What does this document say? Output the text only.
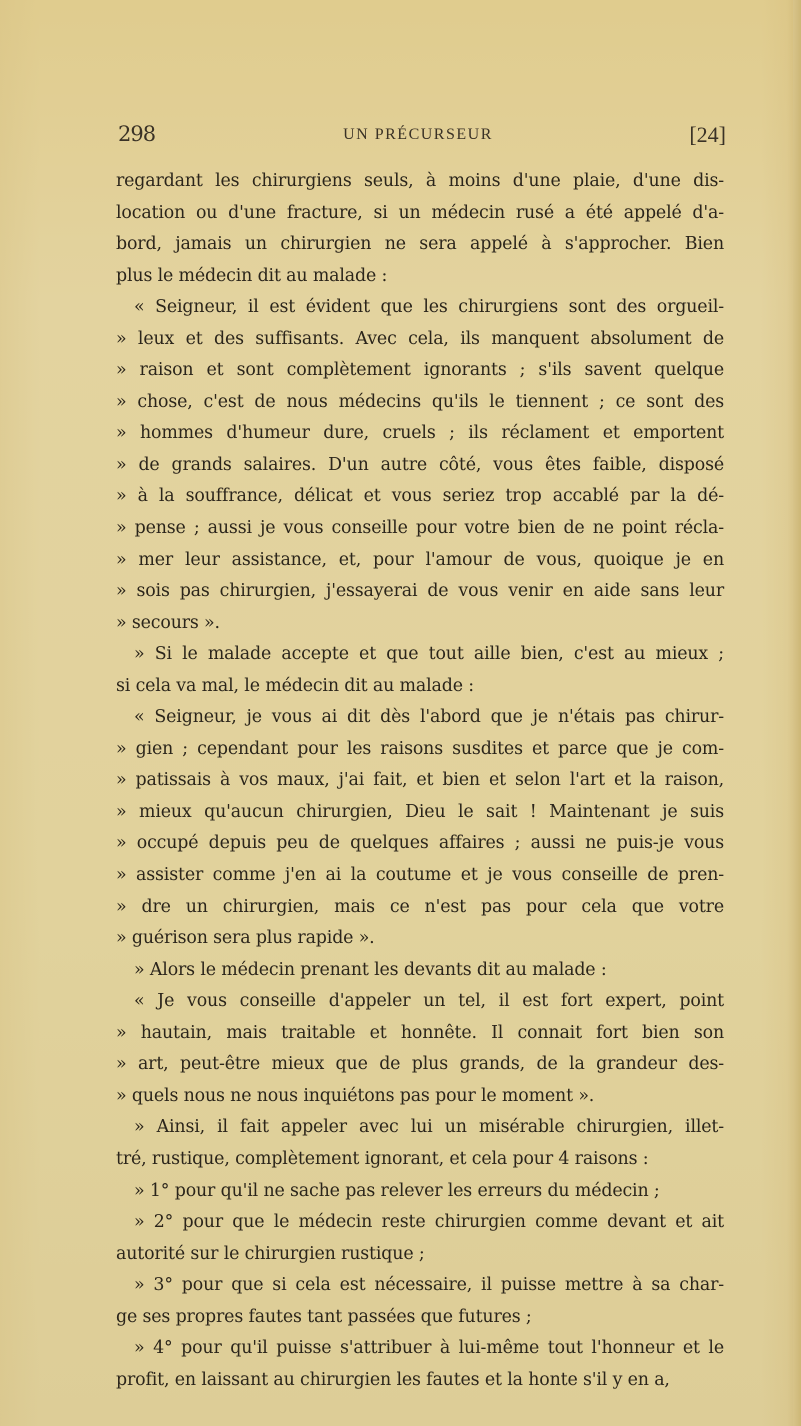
298	UN PRÉCURSEUR	[24]
regardant les chirurgiens seuls, à moins d'une plaie, d'une dis-
location ou d'une fracture, si un médecin rusé a été appelé d'a-
bord, jamais un chirurgien ne sera appelé à s'approcher. Bien
plus le médecin dit au malade :
« Seigneur, il est évident que les chirurgiens sont des orgueil-
» leux et des suffisants. Avec cela, ils manquent absolument de
» raison et sont complètement ignorants ; s'ils savent quelque
» chose, c'est de nous médecins qu'ils le tiennent ; ce sont des
» hommes d'humeur dure, cruels ; ils réclament et emportent
» de grands salaires. D'un autre côté, vous êtes faible, disposé
» à la souffrance, délicat et vous seriez trop accablé par la dé-
» pense ; aussi je vous conseille pour votre bien de ne point récla-
» mer leur assistance, et, pour l'amour de vous, quoique je en
» sois pas chirurgien, j'essayerai de vous venir en aide sans leur
» secours ».
» Si le malade accepte et que tout aille bien, c'est au mieux ;
si cela va mal, le médecin dit au malade :
« Seigneur, je vous ai dit dès l'abord que je n'étais pas chirur-
» gien ; cependant pour les raisons susdites et parce que je com-
» patissais à vos maux, j'ai fait, et bien et selon l'art et la raison,
» mieux qu'aucun chirurgien, Dieu le sait ! Maintenant je suis
» occupé depuis peu de quelques affaires ; aussi ne puis-je vous
» assister comme j'en ai la coutume et je vous conseille de pren-
» dre un chirurgien, mais ce n'est pas pour cela que votre
» guérison sera plus rapide ».
» Alors le médecin prenant les devants dit au malade :
« Je vous conseille d'appeler un tel, il est fort expert, point
» hautain, mais traitable et honnête. Il connait fort bien son
» art, peut-être mieux que de plus grands, de la grandeur des-
» quels nous ne nous inquiétons pas pour le moment ».
» Ainsi, il fait appeler avec lui un misérable chirurgien, illet-
tré, rustique, complètement ignorant, et cela pour 4 raisons :
» 1° pour qu'il ne sache pas relever les erreurs du médecin ;
» 2° pour que le médecin reste chirurgien comme devant et ait
autorité sur le chirurgien rustique ;
» 3° pour que si cela est nécessaire, il puisse mettre à sa char-
ge ses propres fautes tant passées que futures ;
» 4° pour qu'il puisse s'attribuer à lui-même tout l'honneur et le
profit, en laissant au chirurgien les fautes et la honte s'il y en a,
